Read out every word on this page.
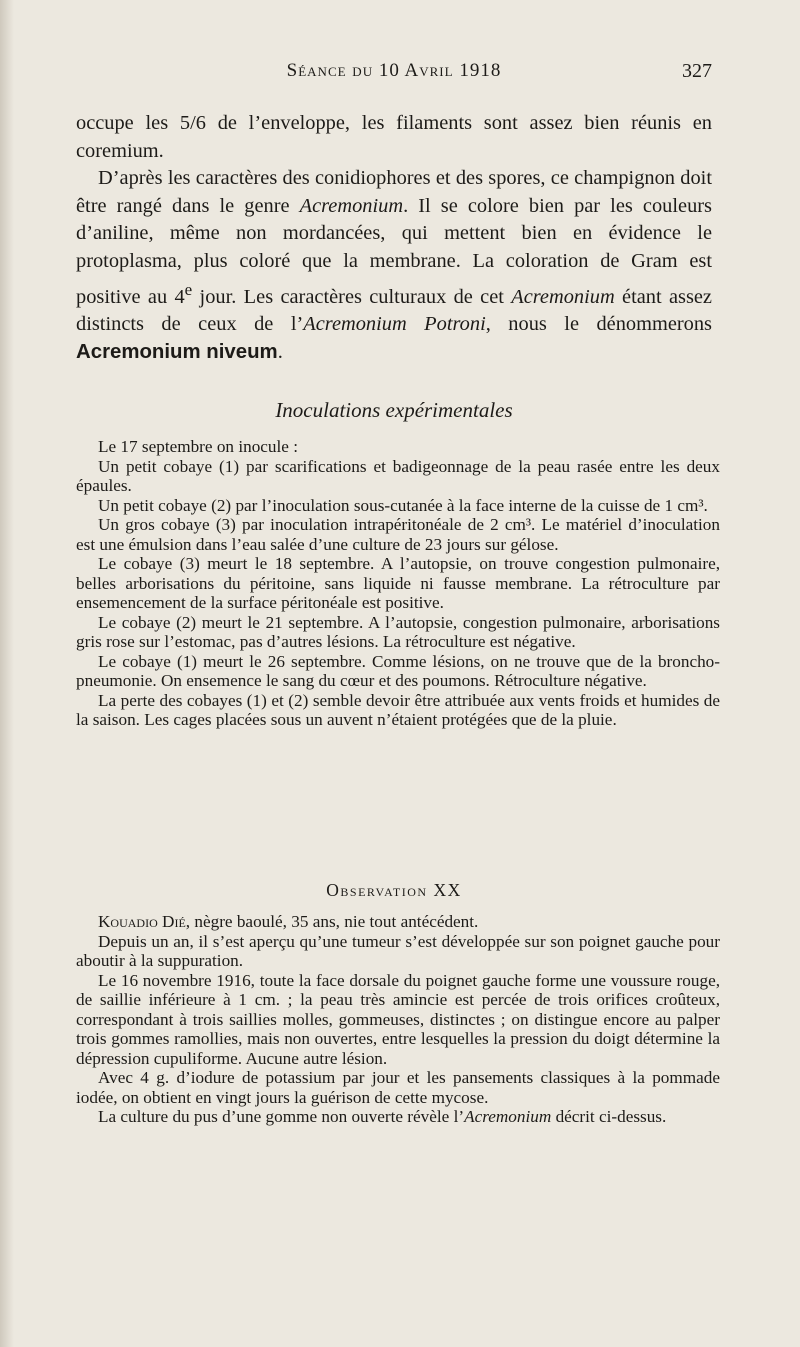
Séance du 10 Avril 1918	327

occupe les 5/6 de l’enveloppe, les filaments sont assez bien réunis en coremium.

D’après les caractères des conidiophores et des spores, ce champignon doit être rangé dans le genre Acremonium. Il se colore bien par les couleurs d’aniline, même non mordancées, qui mettent bien en évidence le protoplasma, plus coloré que la membrane. La coloration de Gram est positive au 4e jour. Les caractères culturaux de cet Acremonium étant assez distincts de ceux de l’Acremonium Potroni, nous le dénommerons Acremonium niveum.

Inoculations expérimentales

Le 17 septembre on inocule :

Un petit cobaye (1) par scarifications et badigeonnage de la peau rasée entre les deux épaules.

Un petit cobaye (2) par l’inoculation sous-cutanée à la face interne de la cuisse de 1 cm³.

Un gros cobaye (3) par inoculation intrapéritonéale de 2 cm³. Le matériel d’inoculation est une émulsion dans l’eau salée d’une culture de 23 jours sur gélose.

Le cobaye (3) meurt le 18 septembre. A l’autopsie, on trouve congestion pulmonaire, belles arborisations du péritoine, sans liquide ni fausse membrane. La rétroculture par ensemencement de la surface péritonéale est positive.

Le cobaye (2) meurt le 21 septembre. A l’autopsie, congestion pulmonaire, arborisations gris rose sur l’estomac, pas d’autres lésions. La rétroculture est négative.

Le cobaye (1) meurt le 26 septembre. Comme lésions, on ne trouve que de la broncho-pneumonie. On ensemence le sang du cœur et des poumons. Rétroculture négative.

La perte des cobayes (1) et (2) semble devoir être attribuée aux vents froids et humides de la saison. Les cages placées sous un auvent n’étaient protégées que de la pluie.

Observation XX

Kouadio Dié, nègre baoulé, 35 ans, nie tout antécédent.

Depuis un an, il s’est aperçu qu’une tumeur s’est développée sur son poignet gauche pour aboutir à la suppuration.

Le 16 novembre 1916, toute la face dorsale du poignet gauche forme une voussure rouge, de saillie inférieure à 1 cm. ; la peau très amincie est percée de trois orifices croûteux, correspondant à trois saillies molles, gommeuses, distinctes ; on distingue encore au palper trois gommes ramollies, mais non ouvertes, entre lesquelles la pression du doigt détermine la dépression cupuliforme. Aucune autre lésion.

Avec 4 g. d’iodure de potassium par jour et les pansements classiques à la pommade iodée, on obtient en vingt jours la guérison de cette mycose.

La culture du pus d’une gomme non ouverte révèle l’Acremonium décrit ci-dessus.
